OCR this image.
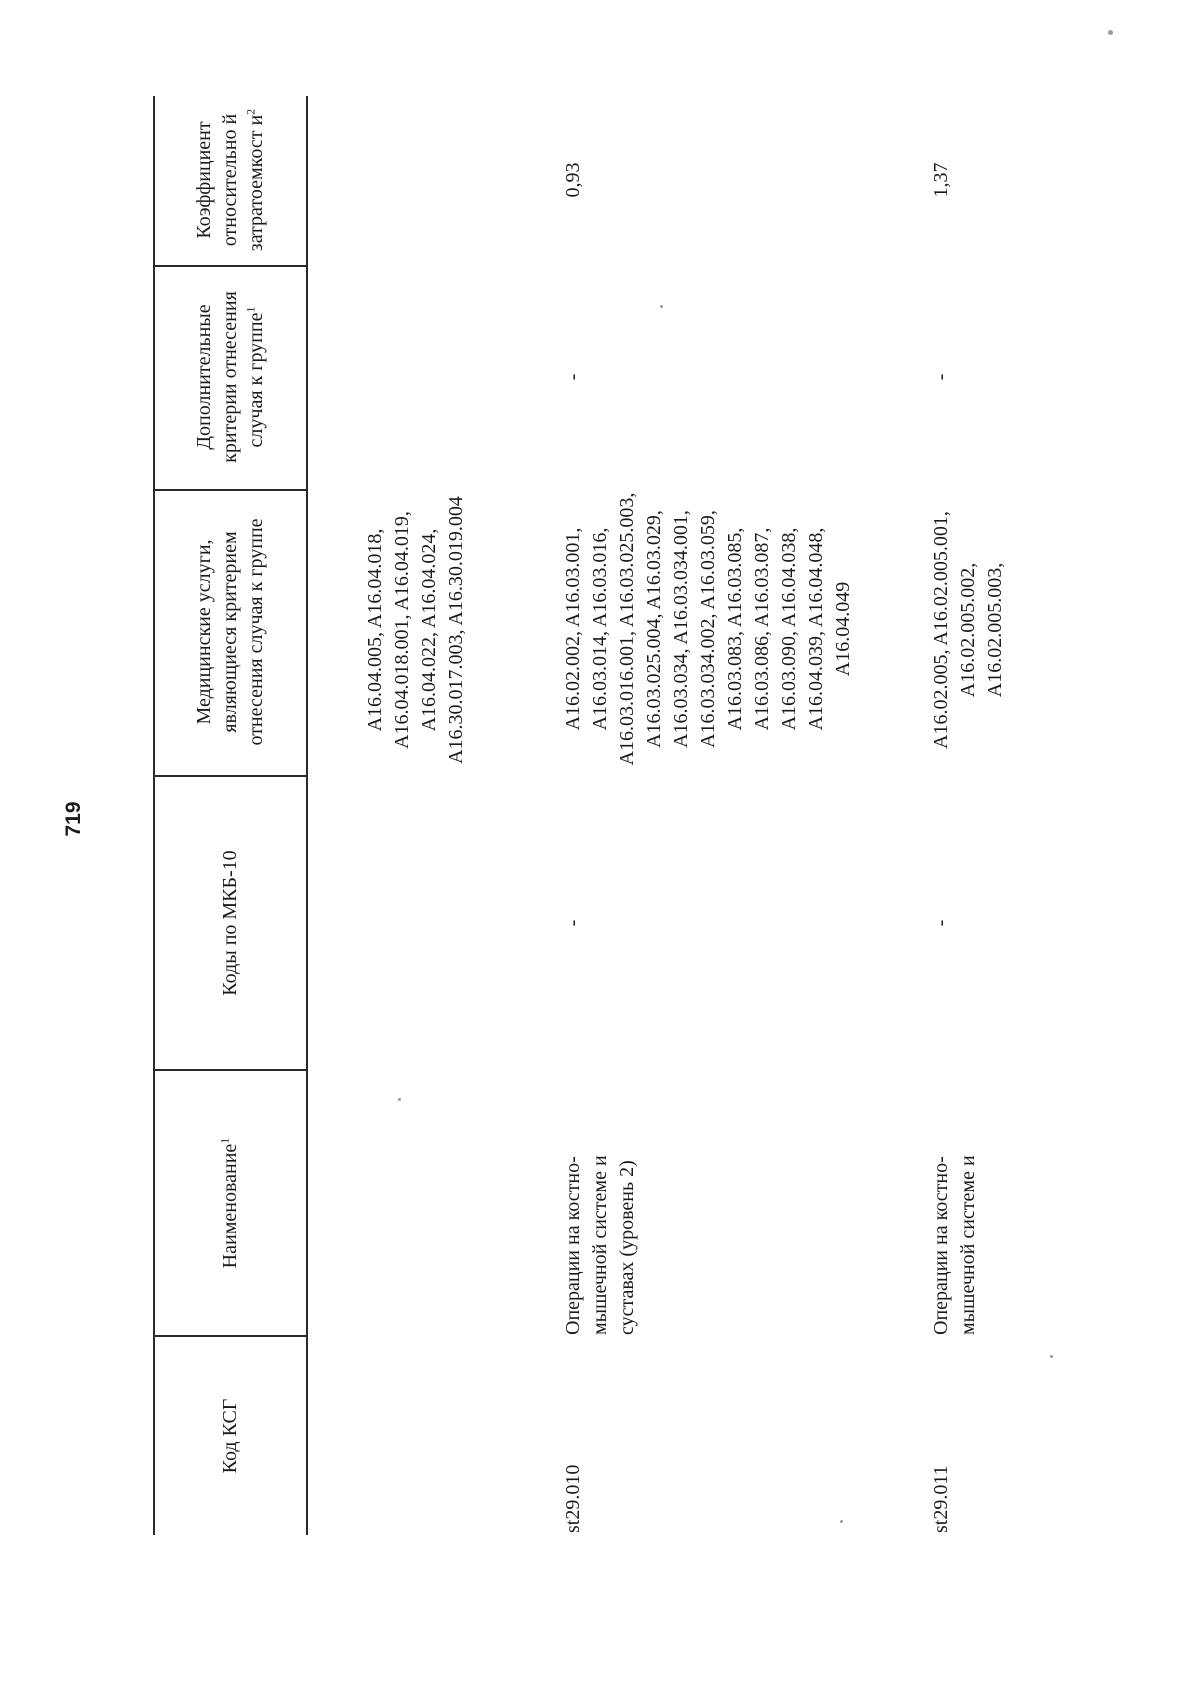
719
Код КСГ
Наименование$^1$
Коды по МКБ-10
Медицинские услуги, являющиеся критерием отнесения случая к группе
Дополнительные критерии отнесения случая к группе$^1$
Коэффициент относительно й затратоемкост $и^2$
A16.04.005, A16.04.018, A16.04.018.001, A16.04.019, A16.04.022, A16.04.024, A16.30.017.003, A16.30.019.004
st29.010
Операции на костно-мышечной системе и суставах (уровень 2)
-
A16.02.002, A16.03.001, A16.03.014, A16.03.016, A16.03.016.001, A16.03.025.003, A16.03.025.004, A16.03.029, A16.03.034, A16.03.034.001, A16.03.034.002, A16.03.059, A16.03.083, A16.03.085, A16.03.086, A16.03.087, A16.03.090, A16.04.038, A16.04.039, A16.04.048, A16.04.049
-
0,93
st29.011
Операции на костно-мышечной системе и
-
A16.02.005, A16.02.005.001, A16.02.005.002, A16.02.005.003,
-
1,37
